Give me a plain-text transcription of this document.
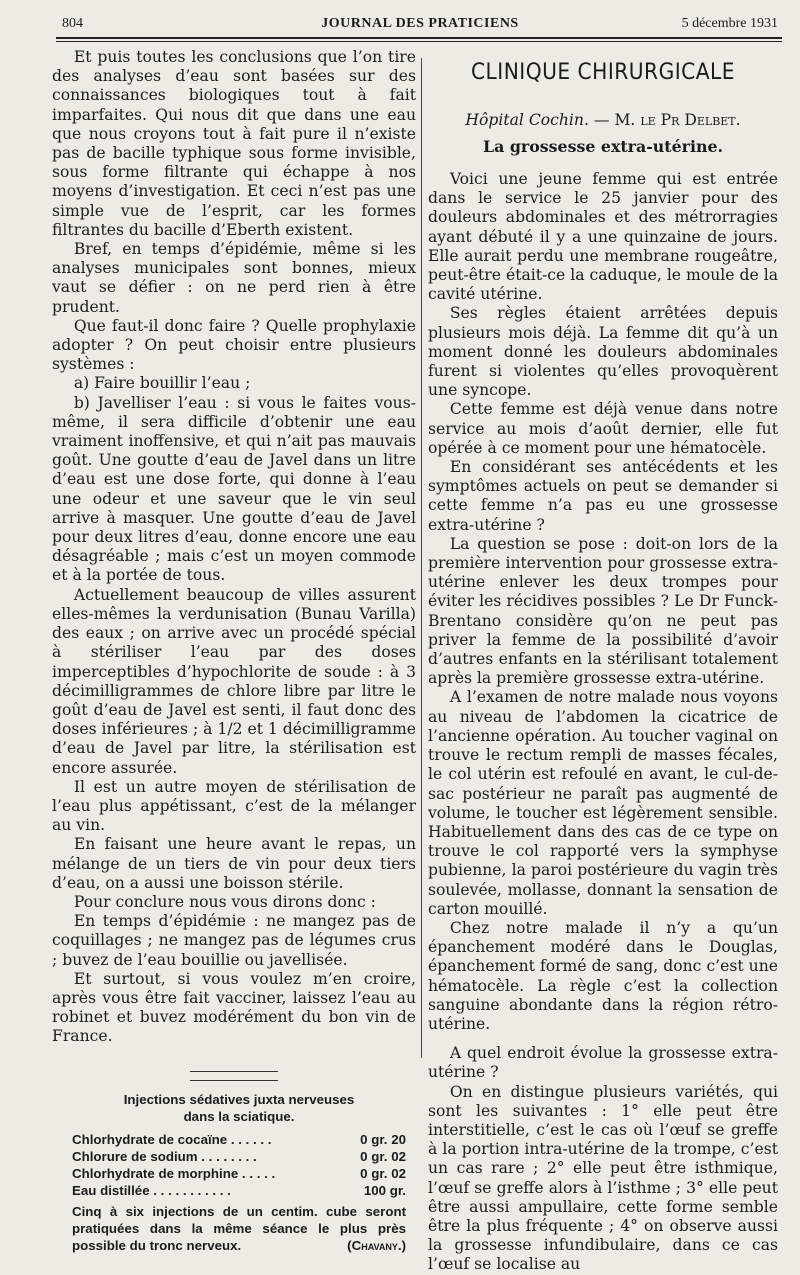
804	JOURNAL DES PRATICIENS	5 décembre 1931

Et puis toutes les conclusions que l’on tire des analyses d’eau sont basées sur des connaissances biologiques tout à fait imparfaites. Qui nous dit que dans une eau que nous croyons tout à fait pure il n’existe pas de bacille typhique sous forme invisible, sous forme filtrante qui échappe à nos moyens d’investigation. Et ceci n’est pas une simple vue de l’esprit, car les formes filtrantes du bacille d’Eberth existent.

Bref, en temps d’épidémie, même si les analyses municipales sont bonnes, mieux vaut se défier : on ne perd rien à être prudent.

Que faut-il donc faire ? Quelle prophylaxie adopter ? On peut choisir entre plusieurs systèmes :

a) Faire bouillir l’eau ;

b) Javelliser l’eau : si vous le faites vous-même, il sera difficile d’obtenir une eau vraiment inoffensive, et qui n’ait pas mauvais goût. Une goutte d’eau de Javel dans un litre d’eau est une dose forte, qui donne à l’eau une odeur et une saveur que le vin seul arrive à masquer. Une goutte d’eau de Javel pour deux litres d’eau, donne encore une eau désagréable ; mais c’est un moyen commode et à la portée de tous.

Actuellement beaucoup de villes assurent elles-mêmes la verdunisation (Bunau Varilla) des eaux ; on arrive avec un procédé spécial à stériliser l’eau par des doses imperceptibles d’hypochlorite de soude : à 3 décimilligrammes de chlore libre par litre le goût d’eau de Javel est senti, il faut donc des doses inférieures ; à 1/2 et 1 décimilligramme d’eau de Javel par litre, la stérilisation est encore assurée.

Il est un autre moyen de stérilisation de l’eau plus appétissant, c’est de la mélanger au vin.

En faisant une heure avant le repas, un mélange de un tiers de vin pour deux tiers d’eau, on a aussi une boisson stérile.

Pour conclure nous vous dirons donc :

En temps d’épidémie : ne mangez pas de coquillages ; ne mangez pas de légumes crus ; buvez de l’eau bouillie ou javellisée.

Et surtout, si vous voulez m’en croire, après vous être fait vacciner, laissez l’eau au robinet et buvez modérément du bon vin de France.

Injections sédatives juxta nerveuses
dans la sciatique.
Chlorhydrate de cocaïne . . . . . .	0 gr. 20
Chlorure de sodium . . . . . . . .	0 gr. 02
Chlorhydrate de morphine . . . . .	0 gr. 02
Eau distillée . . . . . . . . . . .	100 gr.
Cinq à six injections de un centim. cube seront pratiquées dans la même séance le plus près possible du tronc nerveux.	(Chavany.)
CLINIQUE CHIRURGICALE
Hôpital Cochin. — M. le Pr Delbet.
La grossesse extra-utérine.

Voici une jeune femme qui est entrée dans le service le 25 janvier pour des douleurs abdominales et des métrorragies ayant débuté il y a une quinzaine de jours. Elle aurait perdu une membrane rougeâtre, peut-être était-ce la caduque, le moule de la cavité utérine.

Ses règles étaient arrêtées depuis plusieurs mois déjà. La femme dit qu’à un moment donné les douleurs abdominales furent si violentes qu’elles provoquèrent une syncope.

Cette femme est déjà venue dans notre service au mois d’août dernier, elle fut opérée à ce moment pour une hématocèle.

En considérant ses antécédents et les symptômes actuels on peut se demander si cette femme n’a pas eu une grossesse extra-utérine ?

La question se pose : doit-on lors de la première intervention pour grossesse extra-utérine enlever les deux trompes pour éviter les récidives possibles ? Le Dr Funck-Brentano considère qu’on ne peut pas priver la femme de la possibilité d’avoir d’autres enfants en la stérilisant totalement après la première grossesse extra-utérine.

A l’examen de notre malade nous voyons au niveau de l’abdomen la cicatrice de l’ancienne opération. Au toucher vaginal on trouve le rectum rempli de masses fécales, le col utérin est refoulé en avant, le cul-de-sac postérieur ne paraît pas augmenté de volume, le toucher est légèrement sensible. Habituellement dans des cas de ce type on trouve le col rapporté vers la symphyse pubienne, la paroi postérieure du vagin très soulevée, mollasse, donnant la sensation de carton mouillé.

Chez notre malade il n’y a qu’un épanchement modéré dans le Douglas, épanchement formé de sang, donc c’est une hématocèle. La règle c’est la collection sanguine abondante dans la région rétro-utérine.

A quel endroit évolue la grossesse extra-utérine ?

On en distingue plusieurs variétés, qui sont les suivantes : 1° elle peut être interstitielle, c’est le cas où l’œuf se greffe à la portion intra-utérine de la trompe, c’est un cas rare ; 2° elle peut être isthmique, l’œuf se greffe alors à l’isthme ; 3° elle peut être aussi ampullaire, cette forme semble être la plus fréquente ; 4° on observe aussi la grossesse infundibulaire, dans ce cas l’œuf se localise au
